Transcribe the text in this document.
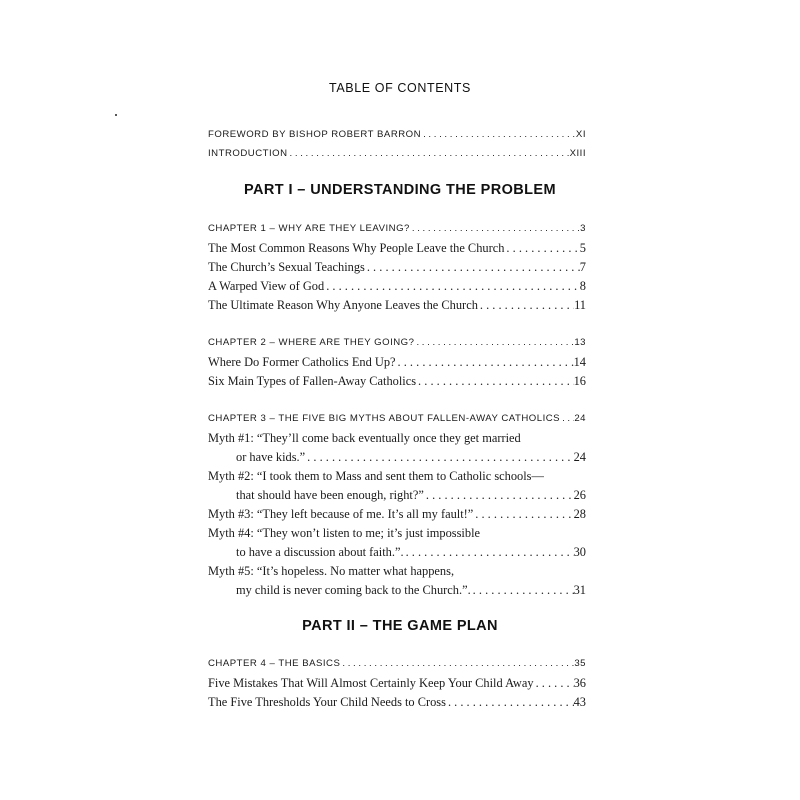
TABLE OF CONTENTS
FOREWORD BY BISHOP ROBERT BARRON . . .	XI
INTRODUCTION . . .	XIII
PART I – UNDERSTANDING THE PROBLEM
CHAPTER 1 – WHY ARE THEY LEAVING? . . .	3
The Most Common Reasons Why People Leave the Church . . .	5
The Church’s Sexual Teachings . . .	7
A Warped View of God . . .	8
The Ultimate Reason Why Anyone Leaves the Church . . .	11
CHAPTER 2 – WHERE ARE THEY GOING? . . .	13
Where Do Former Catholics End Up? . . .	14
Six Main Types of Fallen-Away Catholics . . .	16
CHAPTER 3 – THE FIVE BIG MYTHS ABOUT FALLEN-AWAY CATHOLICS . . . 24
Myth #1: “They’ll come back eventually once they get married
or have kids.” . . .	24
Myth #2: “I took them to Mass and sent them to Catholic schools—
that should have been enough, right?” . . .	26
Myth #3: “They left because of me. It’s all my fault!” . . .	28
Myth #4: “They won’t listen to me; it’s just impossible
to have a discussion about faith.”. . . .	30
Myth #5: “It’s hopeless. No matter what happens,
my child is never coming back to the Church.”. . . .	31
PART II – THE GAME PLAN
CHAPTER 4 – THE BASICS . . .	35
Five Mistakes That Will Almost Certainly Keep Your Child Away . . .	36
The Five Thresholds Your Child Needs to Cross . . .	43
